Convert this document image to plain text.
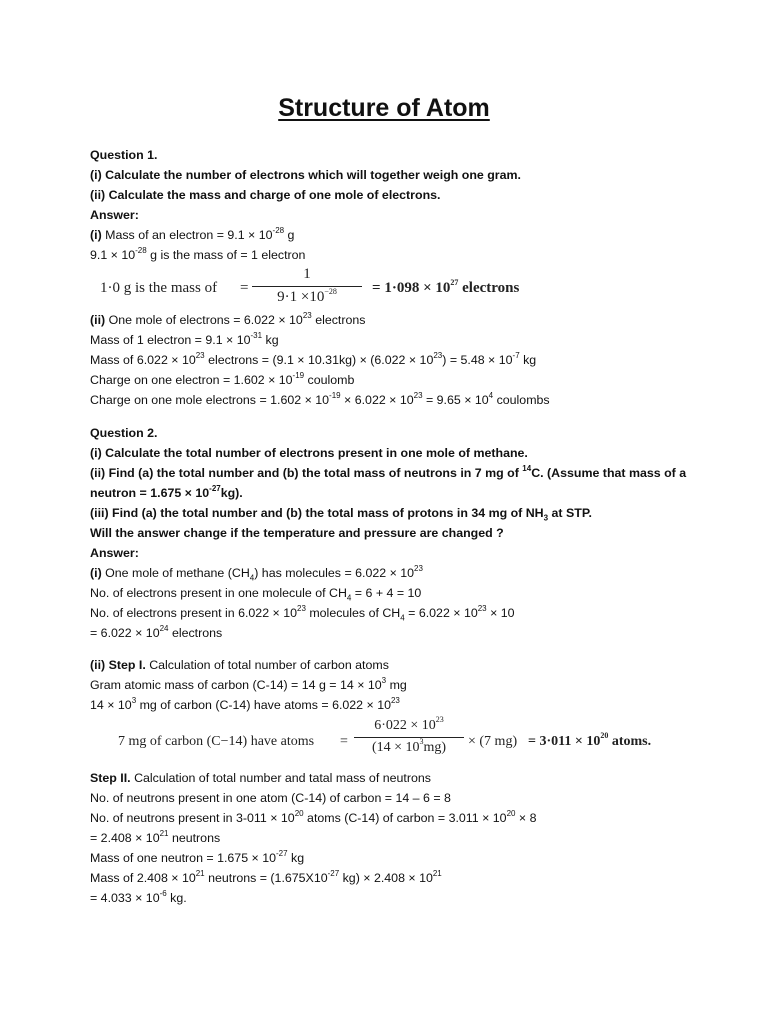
Structure of Atom
Question 1.
(i) Calculate the number of electrons which will together weigh one gram.
(ii) Calculate the mass and charge of one mole of electrons.
Answer:
(i) Mass of an electron = $9.1 \times 10^{-28}$ g
$9.1 \times 10^{-28}$ g is the mass of = 1 electron
1·0 g is the mass of =
1
$9\cdot 1 \times 10^{-28} = 1\cdot 098 \times 10^{27}$ electrons
(ii) One mole of electrons = $6.022 \times 10^{23}$ electrons
Mass of 1 electron = $9.1 \times 10^{-31}$ kg
Mass of $6.022 \times 10^{23}$ electrons = $(9.1 \times 10.31kg) \times (6.022 \times 10^{23}) = 5.48 \times 10^{-7}$ kg
Charge on one electron = $1.602 \times 10^{-19}$ coulomb
Charge on one mole electrons = $1.602 \times 10^{-19} \times 6.022 \times 10^{23} = 9.65 \times 10^4$ coulombs
Question 2.
(i) Calculate the total number of electrons present in one mole of methane.
(ii) Find (a) the total number and (b) the total mass of neutrons in 7 mg of $^{14}$C. (Assume that mass of a
neutron = $1.675 \times 10^{-27}kg$).
(iii) Find (a) the total number and (b) the total mass of protons in 34 mg of $NH_3$ at STP.
Will the answer change if the temperature and pressure are changed ?
Answer:
(i) One mole of methane $(CH_4)$ has molecules = $6.022 \times 10^{23}$
No. of electrons present in one molecule of $CH_4 = 6 + 4 = 10$
No. of electrons present in $6.022 \times 10^{23}$ molecules of $CH_4 = 6.022 \times 10^{23} \times 10$
= $6.022 \times 10^{24}$ electrons
(ii) Step I. Calculation of total number of carbon atoms
Gram atomic mass of carbon (C-14) = 14 $g = 14 \times 10^3$ mg
$14 \times 10^3$ mg of carbon (C-14) have atoms = $6.022 \times 10^{23}$
7 mg of carbon (C−14) have atoms =
$6\cdot 022 \times 10^{23}$
$(14 \times 10^3mg) \times (7$ $mg) = 3\cdot 011 \times 10^{20}$ atoms.
Step II. Calculation of total number and tatal mass of neutrons
No. of neutrons present in one atom (C-14) of carbon = 14 – 6 = 8
No. of neutrons present in $3-011 \times 10^{20}$ atoms (C-14) of carbon = $3.011 \times 10^{20} \times 8$
= $2.408 \times 10^{21}$ neutrons
Mass of one neutron = $1.675 \times 10^{-27}$ kg
Mass of $2.408 \times 10^{21}$ neutrons = ($1.675X10^{-27}$ $kg) \times 2.408 \times 10^{21}$
= $4.033 \times 10^{-6}$ kg.
